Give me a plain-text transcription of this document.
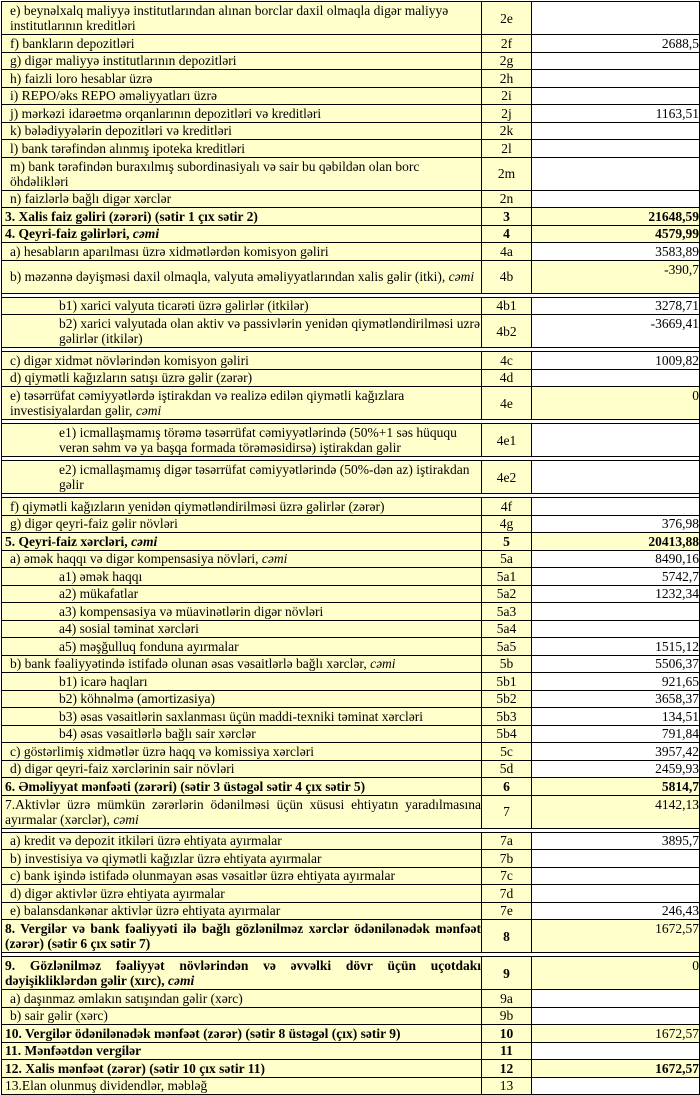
e) beynəlxalq maliyyə institutlarından alınan borclar daxil olmaqla digər maliyyə institutlarının kreditləri	2e	
f) bankların depozitləri	2f	2688,5
g) digər maliyyə institutlarının depozitləri	2g	
h) faizli loro hesablar üzrə	2h	
i) REPO/əks REPO əməliyyatları üzrə	2i	
j) mərkəzi idarəetmə orqanlarının depozitləri və kreditləri	2j	1163,51
k) bələdiyyələrin depozitləri və kreditləri	2k	
l) bank tərəfindən alınmış ipoteka kreditləri	2l	
m) bank tərəfindən buraxılmış subordinasiyalı və sair bu qəbildən olan borc öhdəlikləri	2m	
n) faizlərlə bağlı digər xərclər	2n	
3. Xalis faiz gəliri (zərəri) (sətir 1 çıx sətir 2)	3	21648,59
4. Qeyri-faiz gəlirləri, cəmi	4	4579,99
a) hesabların aparılması üzrə xidmətlərdən komisyon gəliri	4a	3583,89
b) məzənnə dəyişməsi daxil olmaqla, valyuta əməliyyatlarından xalis gəlir (itki), cəmi	4b	-390,7

b1) xarici valyuta ticarəti üzrə gəlirlər (itkilər)	4b1	3278,71
b2) xarici valyutada olan aktiv və passivlərin yenidən qiymətləndirilməsi uzrə gəlirlər (itkilər)	4b2	-3669,41

c) digər xidmət növlərindən komisyon gəliri	4c	1009,82
d) qiymətli kağızların satışı üzrə gəlir (zərər)	4d	
e) təsərrüfat cəmiyyətlərdə iştirakdan və realizə edilən qiymətli kağızlara investisiyalardan gəlir, cəmi	4e	0

e1) icmallaşmamış törəmə təsərrüfat cəmiyyətlərində (50%+1 səs hüququ verən səhm və ya başqa formada törəməsidirsə) iştirakdan gəlir	4e1	

e2) icmallaşmamış digər təsərrüfat cəmiyyətlərində (50%-dən az) iştirakdan gəlir	4e2	

f) qiymətli kağızların yenidən qiymətləndirilməsi üzrə gəlirlər (zərər)	4f	
g) digər qeyri-faiz gəlir növləri	4g	376,98
5. Qeyri-faiz xərcləri, cəmi	5	20413,88
a) əmək haqqı və digər kompensasiya növləri, cəmi	5a	8490,16
a1) əmək haqqı	5a1	5742,7
a2) mükafatlar	5a2	1232,34
a3) kompensasiya və müavinətlərin digər növləri	5a3	
a4) sosial təminat xərcləri	5a4	
a5) məşğulluq fonduna ayırmalar	5a5	1515,12
b) bank fəaliyyətində istifadə olunan əsas vəsaitlərlə bağlı xərclər, cəmi	5b	5506,37
b1) icarə haqları	5b1	921,65
b2) köhnəlmə (amortizasiya)	5b2	3658,37
b3) əsas vəsaitlərin saxlanması üçün maddi-texniki təminat xərcləri	5b3	134,51
b4) əsas vəsaitlərlə bağlı sair xərclər	5b4	791,84
c) göstərlimiş xidmətlər üzrə haqq və komissiya xərcləri	5c	3957,42
d) digər qeyri-faiz xərclərinin sair növləri	5d	2459,93
6. Əməliyyat mənfəəti (zərəri) (sətir 3 üstəgəl sətir 4 çıx sətir 5)	6	5814,7
7.Aktivlər üzrə mümkün zərərlərin ödənilməsi üçün xüsusi ehtiyatın yaradılmasına ayırmalar (xərclər), cəmi	7	4142,13

a) kredit və depozit itkiləri üzrə ehtiyata ayırmalar	7a	3895,7
b) investisiya və qiymətli kağızlar üzrə ehtiyata ayırmalar	7b	
c) bank işində istifadə olunmayan əsas vəsaitlər üzrə ehtiyata ayırmalar	7c	
d) digər aktivlər üzrə ehtiyata ayırmalar	7d	
e) balansdankənar aktivlər üzrə ehtiyata ayırmalar	7e	246,43
8. Vergilər və bank fəaliyyəti ilə bağlı gözlənilməz xərclər ödənilənədək mənfəət (zərər) (sətir 6 çıx sətir 7)	8	1672,57

9. Gözlənilməz fəaliyyət növlərindən və əvvəlki dövr üçün uçotdakı dəyişikliklərdən gəlir (xırc), cəmi	9	0
a) daşınmaz əmlakın satışından gəlir (xərc)	9a	
b) sair gəlir (xərc)	9b	
10. Vergilər ödənilənədək mənfəət (zərər) (sətir 8 üstəgəl (çıx) sətir 9)	10	1672,57
11. Mənfəətdən vergilər	11	
12. Xalis mənfəət (zərər) (sətir 10 çıx sətir 11)	12	1672,57
13.Elan olunmuş dividendlər, məbləğ	13	
